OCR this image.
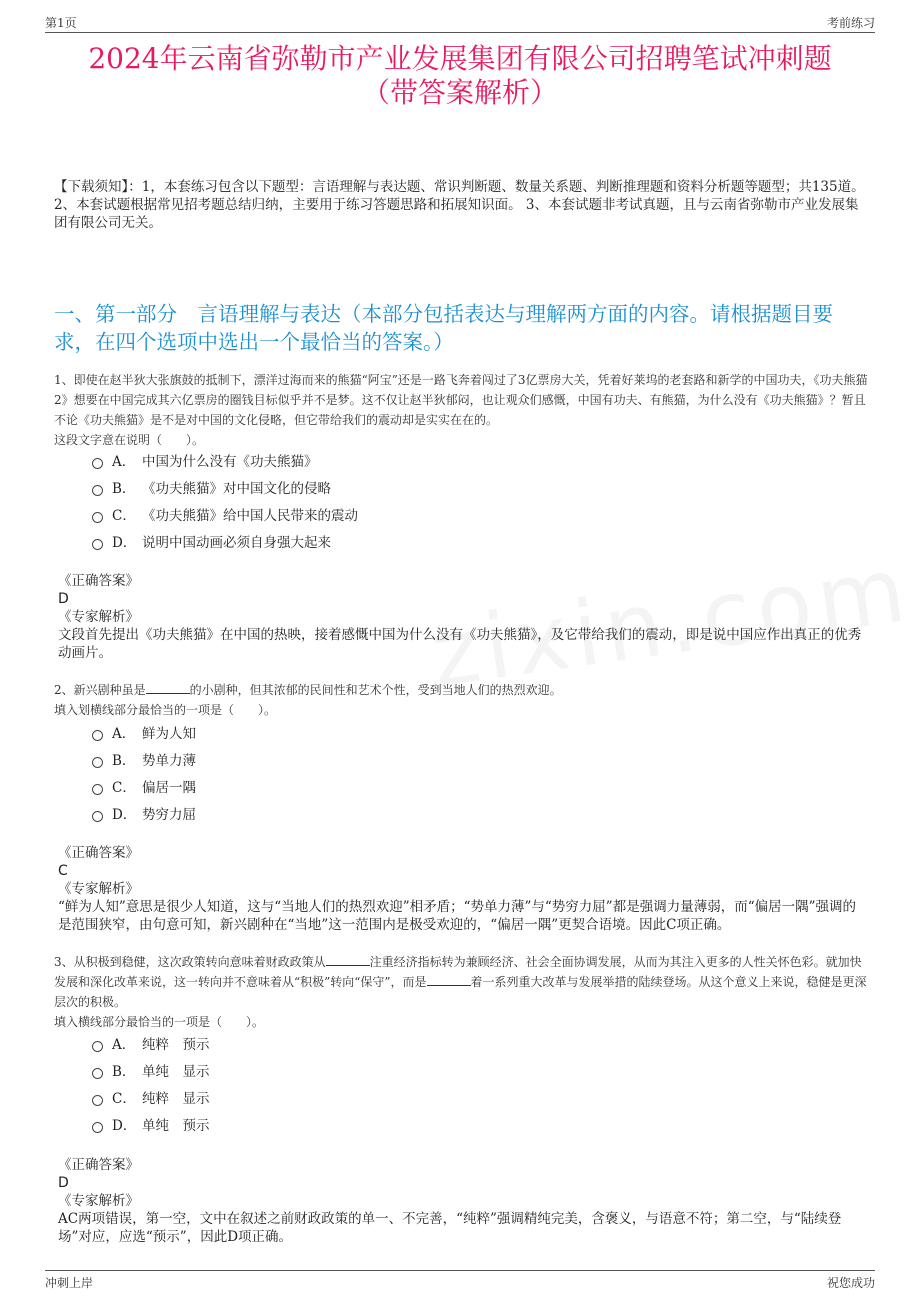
第1页	考前练习
2024年云南省弥勒市产业发展集团有限公司招聘笔试冲刺题
（带答案解析）
【下载须知】：1，本套练习包含以下题型：言语理解与表达题、常识判断题、数量关系题、判断推理题和资料分析题等题型；共135道。 2、本套试题根据常见招考题总结归纳，主要用于练习答题思路和拓展知识面。 3、本套试题非考试真题，且与云南省弥勒市产业发展集团有限公司无关。
一、第一部分　言语理解与表达（本部分包括表达与理解两方面的内容。请根据题目要求，在四个选项中选出一个最恰当的答案。）
1、即使在赵半狄大张旗鼓的抵制下，漂洋过海而来的熊猫“阿宝”还是一路飞奔着闯过了3亿票房大关，凭着好莱坞的老套路和新学的中国功夫，《功夫熊猫2》想要在中国完成其六亿票房的圈钱目标似乎并不是梦。这不仅让赵半狄郁闷，也让观众们感慨，中国有功夫、有熊猫，为什么没有《功夫熊猫》？暂且不论《功夫熊猫》是不是对中国的文化侵略，但它带给我们的震动却是实实在在的。
这段文字意在说明（　　）。
A． 中国为什么没有《功夫熊猫》
B． 《功夫熊猫》对中国文化的侵略
C． 《功夫熊猫》给中国人民带来的震动
D． 说明中国动画必须自身强大起来
《正确答案》
D
《专家解析》
文段首先提出《功夫熊猫》在中国的热映，接着感慨中国为什么没有《功夫熊猫》，及它带给我们的震动，即是说中国应作出真正的优秀动画片。
2、新兴剧种虽是	的小剧种，但其浓郁的民间性和艺术个性，受到当地人们的热烈欢迎。
填入划横线部分最恰当的一项是（　　）。
A． 鲜为人知
B． 势单力薄
C． 偏居一隅
D． 势穷力屈
《正确答案》
C
《专家解析》
“鲜为人知”意思是很少人知道，这与“当地人们的热烈欢迎”相矛盾；“势单力薄”与“势穷力屈”都是强调力量薄弱，而“偏居一隅”强调的是范围狭窄，由句意可知，新兴剧种在“当地”这一范围内是极受欢迎的，“偏居一隅”更契合语境。因此C项正确。
3、从积极到稳健，这次政策转向意味着财政政策从	注重经济指标转为兼顾经济、社会全面协调发展，从而为其注入更多的人性关怀色彩。就加快发展和深化改革来说，这一转向并不意味着从“积极”转向“保守”，而是	着一系列重大改革与发展举措的陆续登场。从这个意义上来说，稳健是更深层次的积极。
填入横线部分最恰当的一项是（　　）。
A． 纯粹　预示
B． 单纯　显示
C． 纯粹　显示
D． 单纯　预示
《正确答案》
D
《专家解析》
AC两项错误，第一空，文中在叙述之前财政政策的单一、不完善，“纯粹”强调精纯完美，含褒义，与语意不符；第二空，与“陆续登场”对应，应选“预示”，因此D项正确。
冲刺上岸	祝您成功
